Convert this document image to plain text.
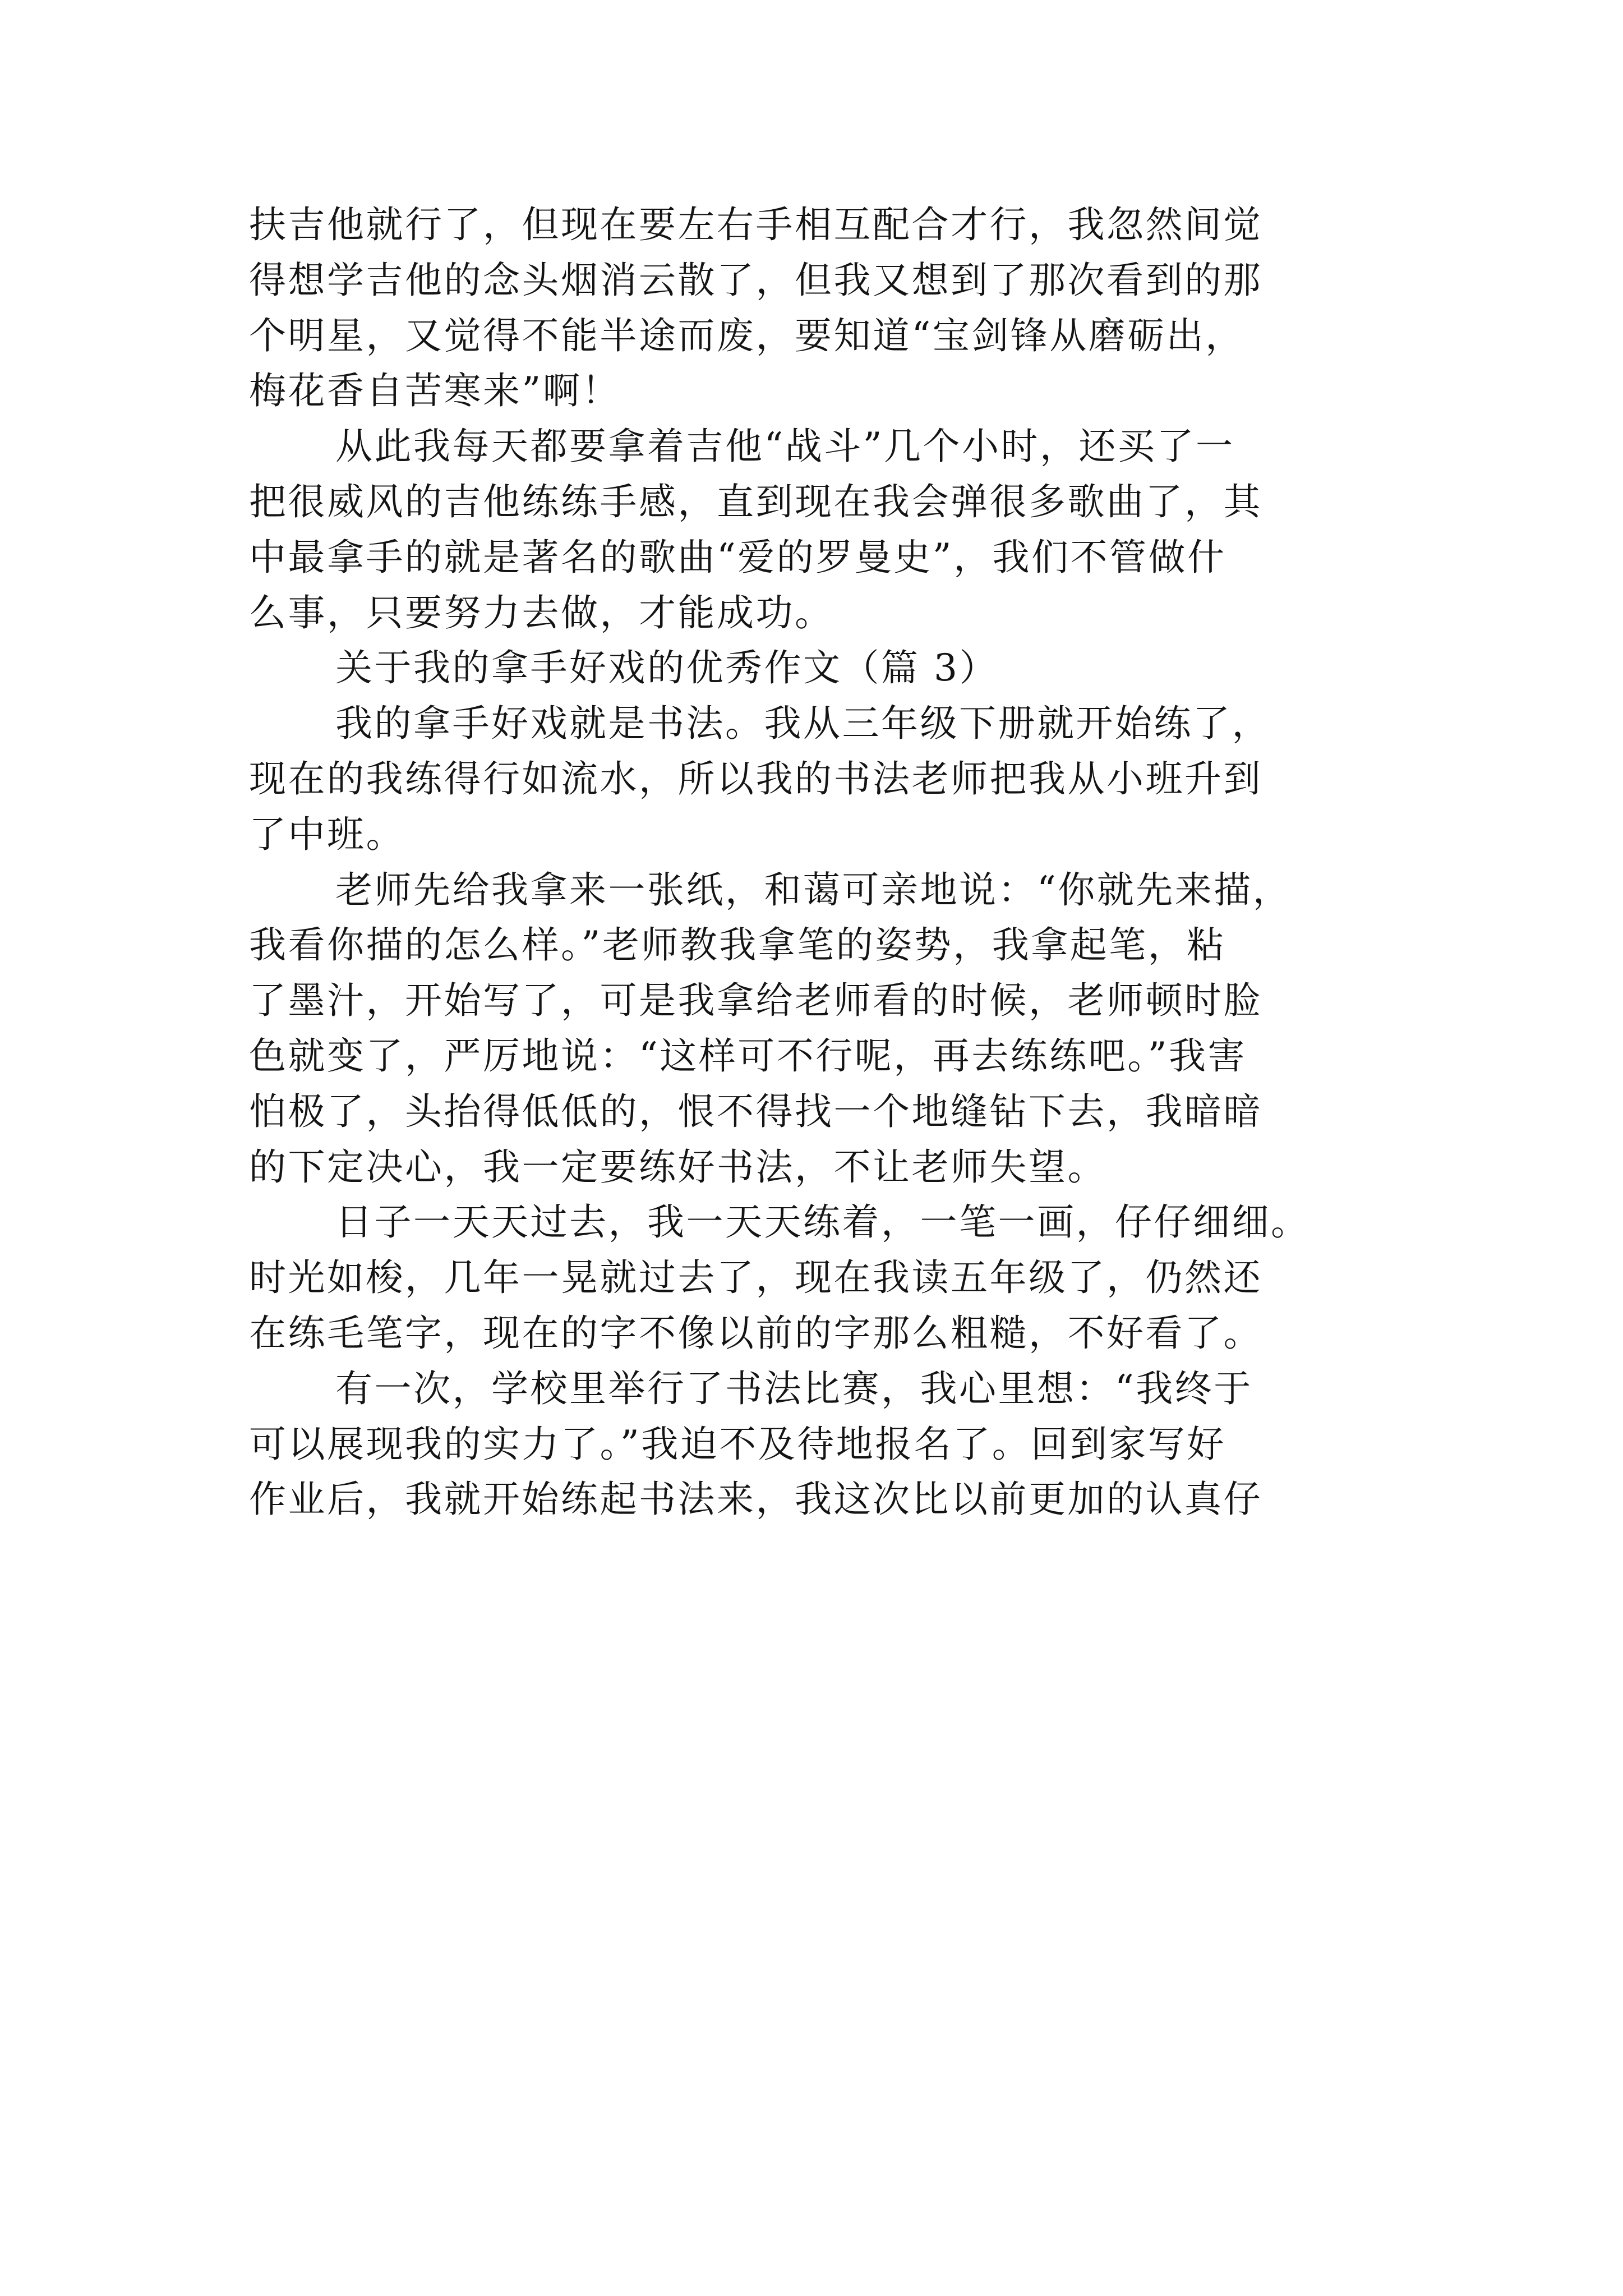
扶吉他就行了，但现在要左右手相互配合才行，我忽然间觉
得想学吉他的念头烟消云散了，但我又想到了那次看到的那
个明星，又觉得不能半途而废，要知道“宝剑锋从磨砺出，
梅花香自苦寒来”啊！
从此我每天都要拿着吉他“战斗”几个小时，还买了一
把很威风的吉他练练手感，直到现在我会弹很多歌曲了，其
中最拿手的就是著名的歌曲“爱的罗曼史”，我们不管做什
么事，只要努力去做，才能成功。
关于我的拿手好戏的优秀作文（篇 3）
我的拿手好戏就是书法。我从三年级下册就开始练了，
现在的我练得行如流水，所以我的书法老师把我从小班升到
了中班。
老师先给我拿来一张纸，和蔼可亲地说：“你就先来描，
我看你描的怎么样。”老师教我拿笔的姿势，我拿起笔，粘
了墨汁，开始写了，可是我拿给老师看的时候，老师顿时脸
色就变了，严厉地说：“这样可不行呢，再去练练吧。”我害
怕极了，头抬得低低的，恨不得找一个地缝钻下去，我暗暗
的下定决心，我一定要练好书法，不让老师失望。
日子一天天过去，我一天天练着，一笔一画，仔仔细细。
时光如梭，几年一晃就过去了，现在我读五年级了，仍然还
在练毛笔字，现在的字不像以前的字那么粗糙，不好看了。
有一次，学校里举行了书法比赛，我心里想：“我终于
可以展现我的实力了。”我迫不及待地报名了。回到家写好
作业后，我就开始练起书法来，我这次比以前更加的认真仔
